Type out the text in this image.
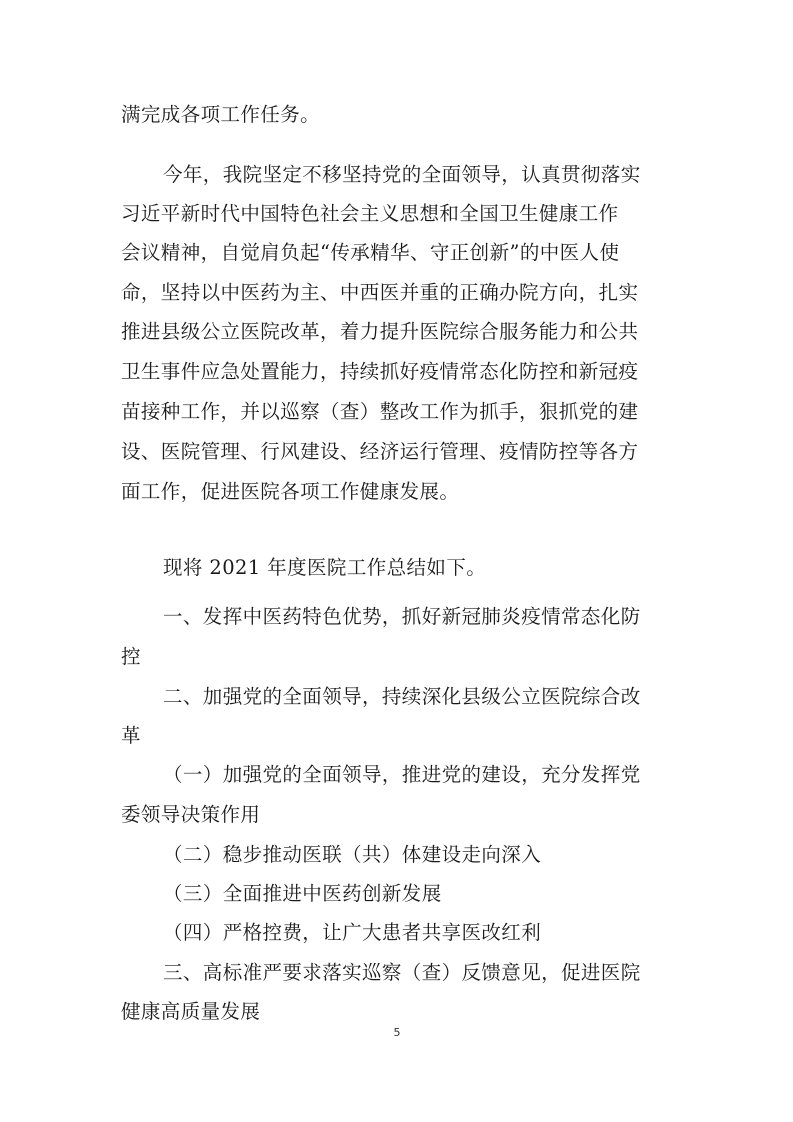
满完成各项工作任务。
今年，我院坚定不移坚持党的全面领导，认真贯彻落实
习近平新时代中国特色社会主义思想和全国卫生健康工作
会议精神，自觉肩负起“传承精华、守正创新”的中医人使
命，坚持以中医药为主、中西医并重的正确办院方向，扎实
推进县级公立医院改革，着力提升医院综合服务能力和公共
卫生事件应急处置能力，持续抓好疫情常态化防控和新冠疫
苗接种工作，并以巡察（查）整改工作为抓手，狠抓党的建
设、医院管理、行风建设、经济运行管理、疫情防控等各方
面工作，促进医院各项工作健康发展。
现将 2021 年度医院工作总结如下。
一、发挥中医药特色优势，抓好新冠肺炎疫情常态化防
控
二、加强党的全面领导，持续深化县级公立医院综合改
革
（一）加强党的全面领导，推进党的建设，充分发挥党
委领导决策作用
（二）稳步推动医联（共）体建设走向深入
（三）全面推进中医药创新发展
（四）严格控费，让广大患者共享医改红利
三、高标准严要求落实巡察（查）反馈意见，促进医院
健康高质量发展
5
